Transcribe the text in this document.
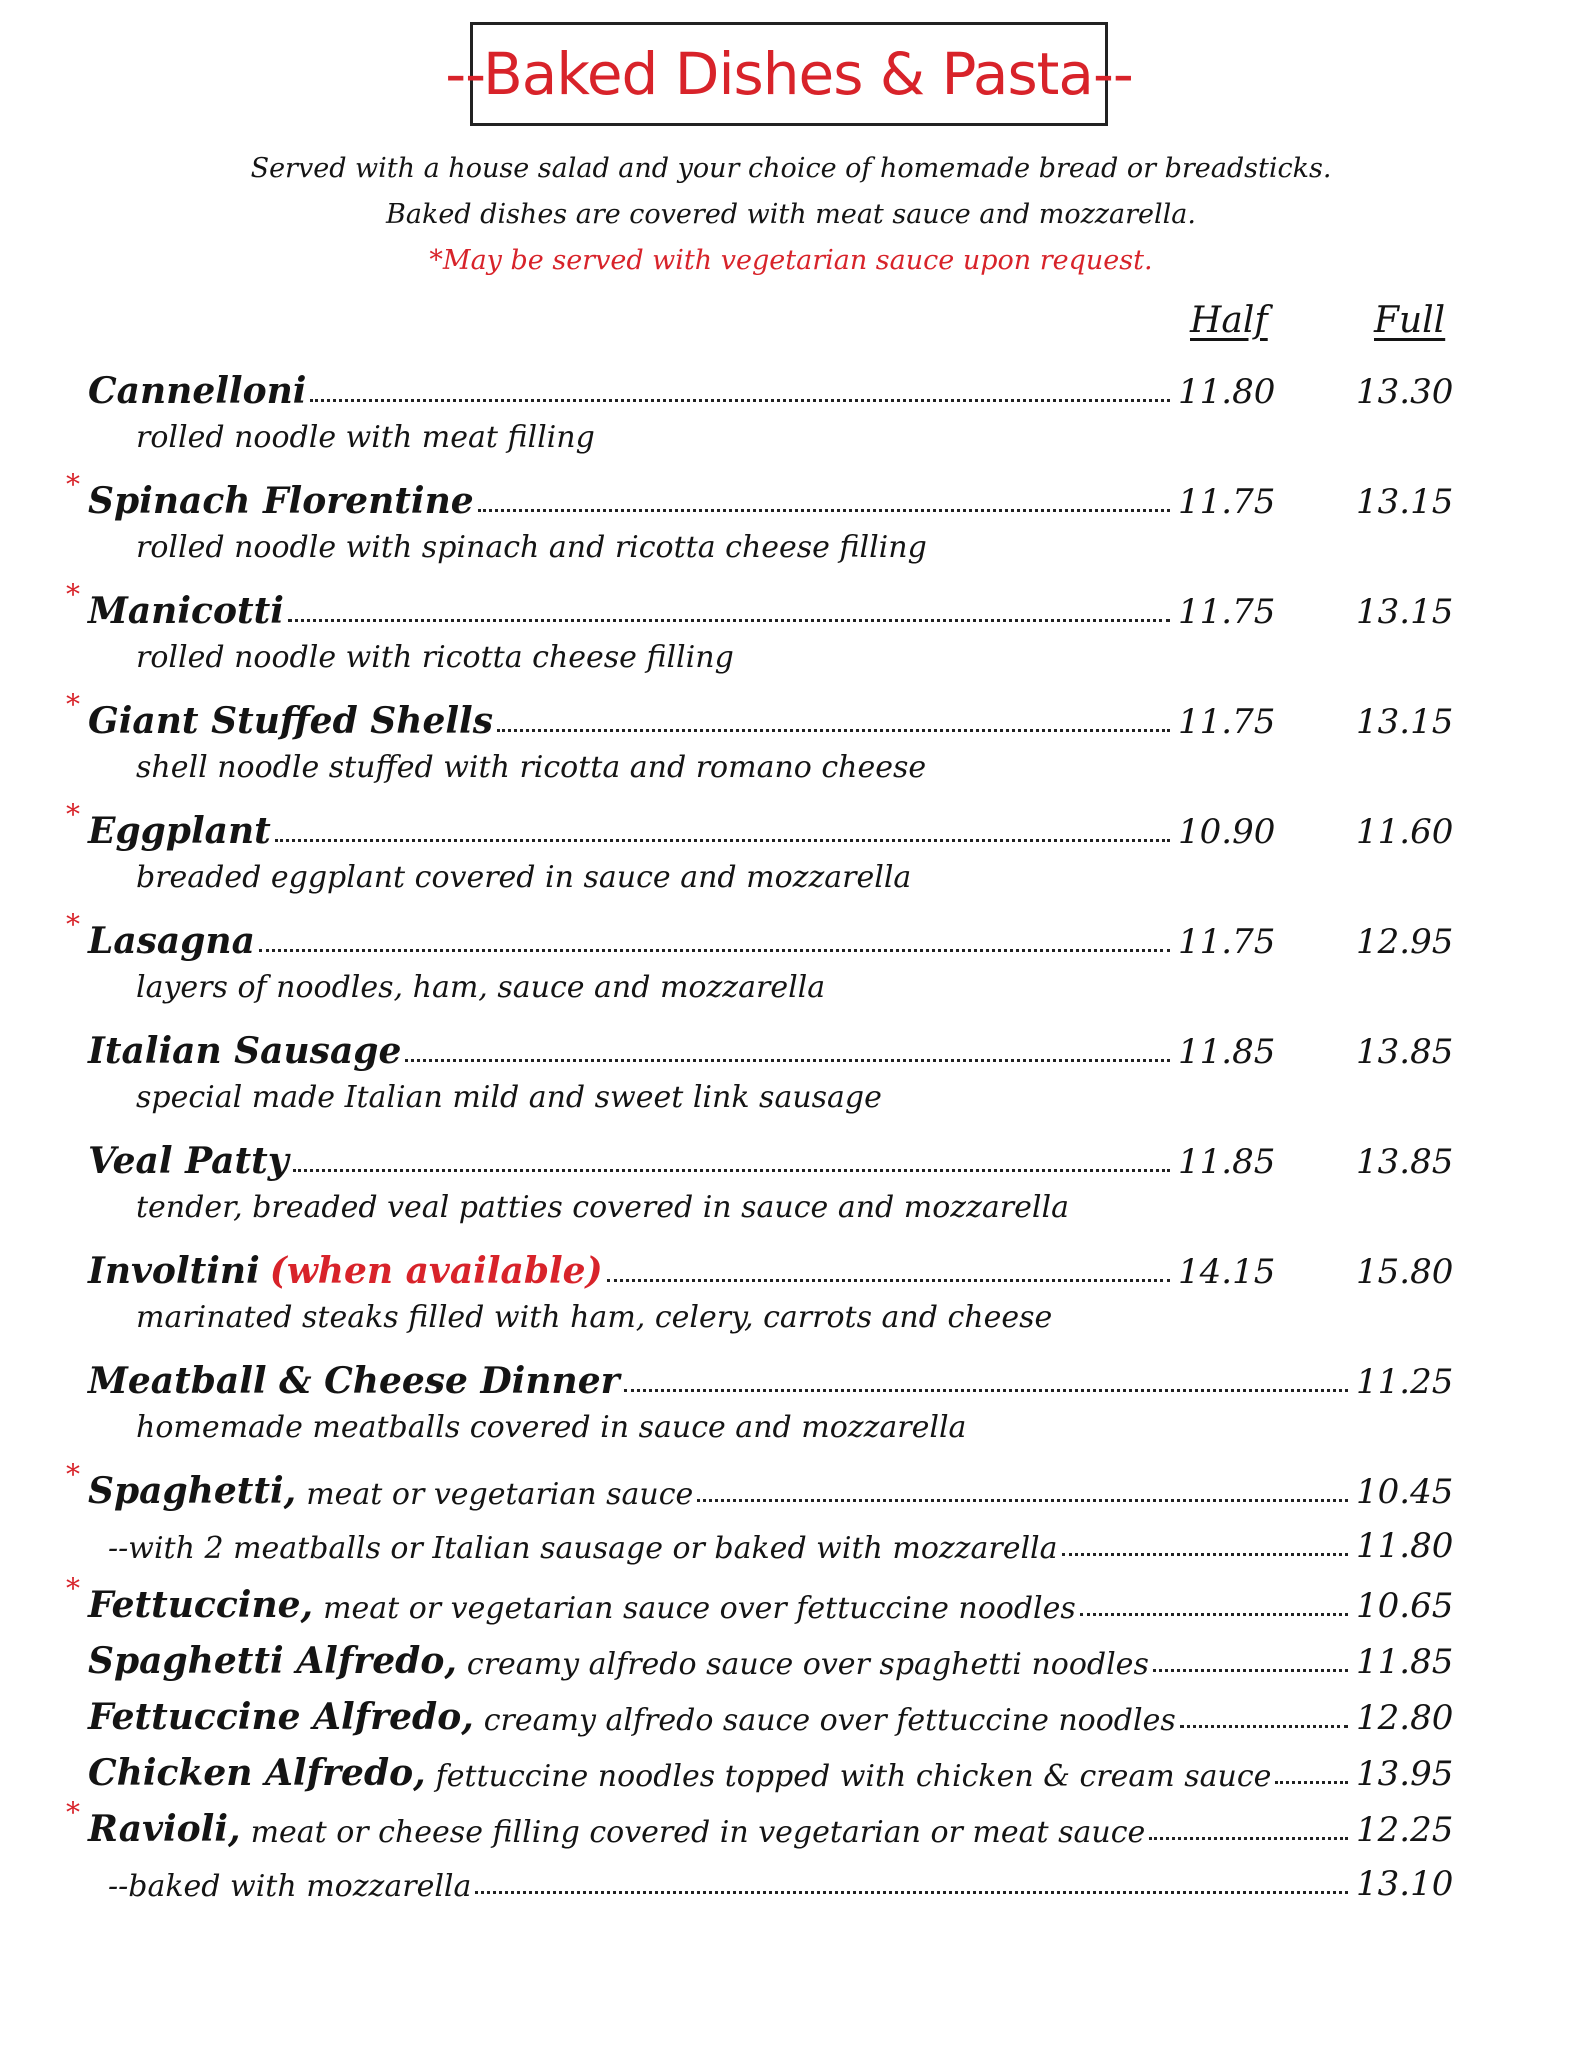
--Baked Dishes & Pasta--
Served with a house salad and your choice of homemade bread or breadsticks.
Baked dishes are covered with meat sauce and mozzarella.
*May be served with vegetarian sauce upon request.
Half	Full
Cannelloni	11.80	13.30
rolled noodle with meat filling
* Spinach Florentine	11.75	13.15
rolled noodle with spinach and ricotta cheese filling
* Manicotti	11.75	13.15
rolled noodle with ricotta cheese filling
* Giant Stuffed Shells	11.75	13.15
shell noodle stuffed with ricotta and romano cheese
* Eggplant	10.90	11.60
breaded eggplant covered in sauce and mozzarella
* Lasagna	11.75	12.95
layers of noodles, ham, sauce and mozzarella
Italian Sausage	11.85	13.85
special made Italian mild and sweet link sausage
Veal Patty	11.85	13.85
tender, breaded veal patties covered in sauce and mozzarella
Involtini (when available)	14.15	15.80
marinated steaks filled with ham, celery, carrots and cheese
Meatball & Cheese Dinner	11.25
homemade meatballs covered in sauce and mozzarella
* Spaghetti, meat or vegetarian sauce	10.45
--with 2 meatballs or Italian sausage or baked with mozzarella	11.80
* Fettuccine, meat or vegetarian sauce over fettuccine noodles	10.65
Spaghetti Alfredo, creamy alfredo sauce over spaghetti noodles	11.85
Fettuccine Alfredo, creamy alfredo sauce over fettuccine noodles	12.80
Chicken Alfredo, fettuccine noodles topped with chicken & cream sauce 13.95
* Ravioli, meat or cheese filling covered in vegetarian or meat sauce	12.25
--baked with mozzarella	13.10
